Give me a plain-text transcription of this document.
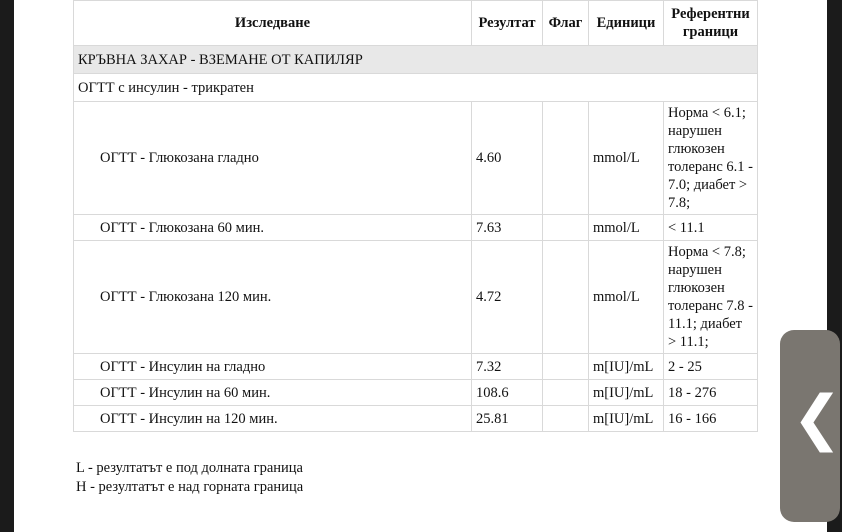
Изследване	Резултат	Флаг	Единици	Референтни граници
КРЪВНА ЗАХАР - ВЗЕМАНЕ ОТ КАПИЛЯР				
ОГТТ с инсулин - трикратен				
ОГТТ - Глюкозана гладно	4.60		mmol/L	Норма < 6.1; нарушен глюкозен толеранс 6.1 - 7.0; диабет > 7.8;
ОГТТ - Глюкозана 60 мин.	7.63		mmol/L	< 11.1
ОГТТ - Глюкозана 120 мин.	4.72		mmol/L	Норма < 7.8; нарушен глюкозен толеранс 7.8 - 11.1; диабет > 11.1;
ОГТТ - Инсулин на гладно	7.32		m[IU]/mL	2 - 25
ОГТТ - Инсулин на 60 мин.	108.6		m[IU]/mL	18 - 276
ОГТТ - Инсулин на 120 мин.	25.81		m[IU]/mL	16 - 166
L - резултатът е под долната граница
H - резултатът е над горната граница
❮
